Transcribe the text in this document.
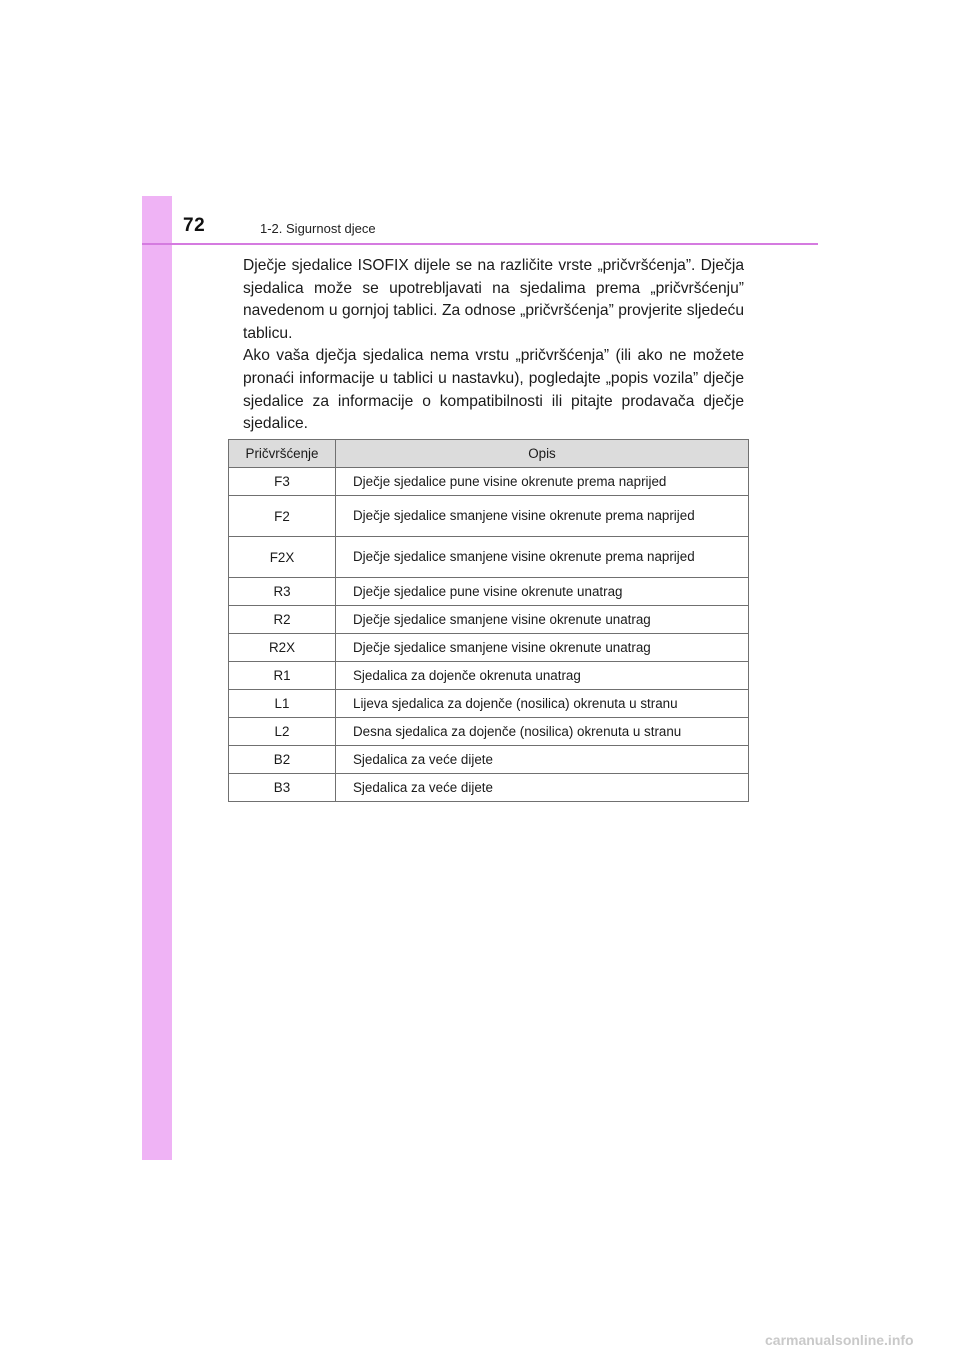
72	1-2. Sigurnost djece

Dječje sjedalice ISOFIX dijele se na različite vrste „pričvršćenja”. Dječja sjedalica može se upotrebljavati na sjedalima prema „pričvršćenju” navedenom u gornjoj tablici. Za odnose „pričvršćenja” provjerite sljedeću tablicu.

Ako vaša dječja sjedalica nema vrstu „pričvršćenja” (ili ako ne možete pronaći informacije u tablici u nastavku), pogledajte „popis vozila” dječje sjedalice za informacije o kompatibilnosti ili pitajte prodavača dječje sjedalice.

Pričvršćenje	Opis
F3	Dječje sjedalice pune visine okrenute prema naprijed
F2	Dječje sjedalice smanjene visine okrenute prema naprijed
F2X	Dječje sjedalice smanjene visine okrenute prema naprijed
R3	Dječje sjedalice pune visine okrenute unatrag
R2	Dječje sjedalice smanjene visine okrenute unatrag
R2X	Dječje sjedalice smanjene visine okrenute unatrag
R1	Sjedalica za dojenče okrenuta unatrag
L1	Lijeva sjedalica za dojenče (nosilica) okrenuta u stranu
L2	Desna sjedalica za dojenče (nosilica) okrenuta u stranu
B2	Sjedalica za veće dijete
B3	Sjedalica za veće dijete
carmanualsonline.info
